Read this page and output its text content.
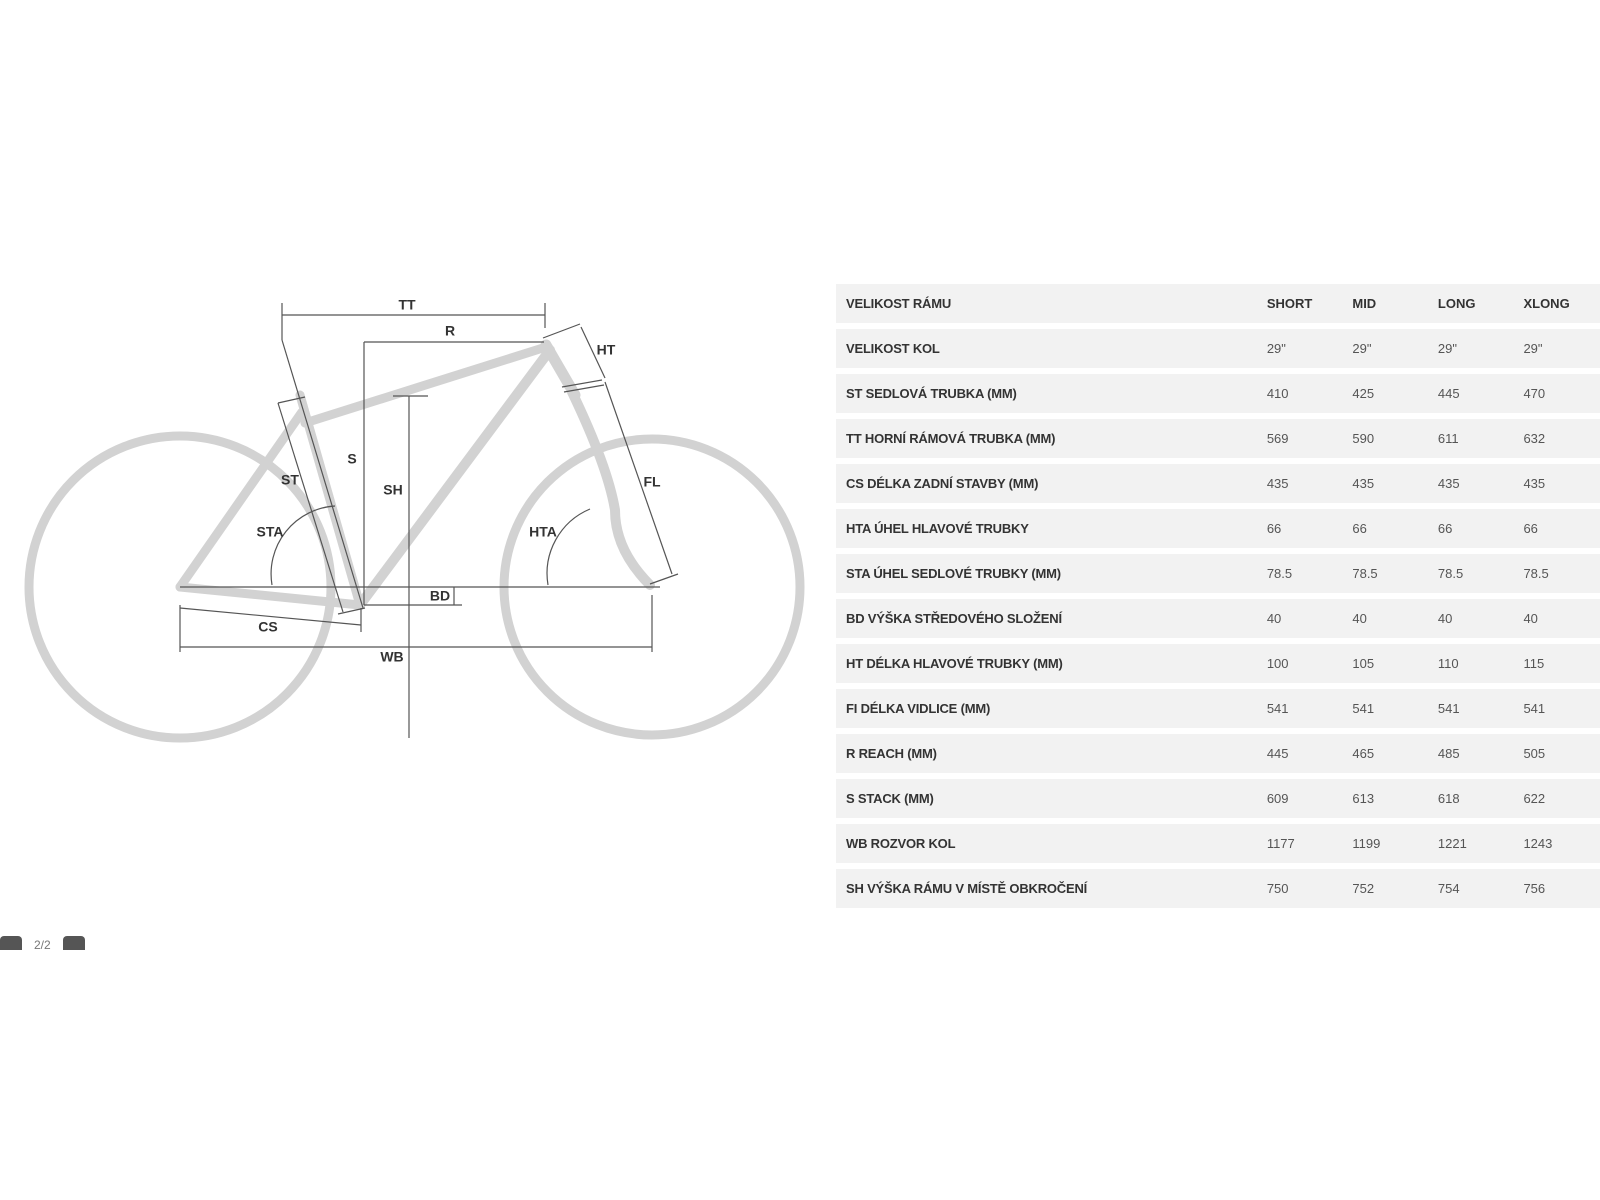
TT
R
HT
S
SH
ST
STA	HTA
FL
BD
CS
WB
VELIKOST RÁMU	SHORT	MID	LONG	XLONG
VELIKOST KOL	29"	29"	29"	29"
ST SEDLOVÁ TRUBKA (MM)	410	425	445	470
TT HORNÍ RÁMOVÁ TRUBKA (MM)	569	590	611	632
CS DÉLKA ZADNÍ STAVBY (MM)	435	435	435	435
HTA ÚHEL HLAVOVÉ TRUBKY	66	66	66	66
STA ÚHEL SEDLOVÉ TRUBKY (MM)	78.5	78.5	78.5	78.5
BD VÝŠKA STŘEDOVÉHO SLOŽENÍ	40	40	40	40
HT DÉLKA HLAVOVÉ TRUBKY (MM)	100	105	110	115
FI DÉLKA VIDLICE (MM)	541	541	541	541
R REACH (MM)	445	465	485	505
S STACK (MM)	609	613	618	622
WB ROZVOR KOL	1177	1199	1221	1243
SH VÝŠKA RÁMU V MÍSTĚ OBKROČENÍ	750	752	754	756
2/2
